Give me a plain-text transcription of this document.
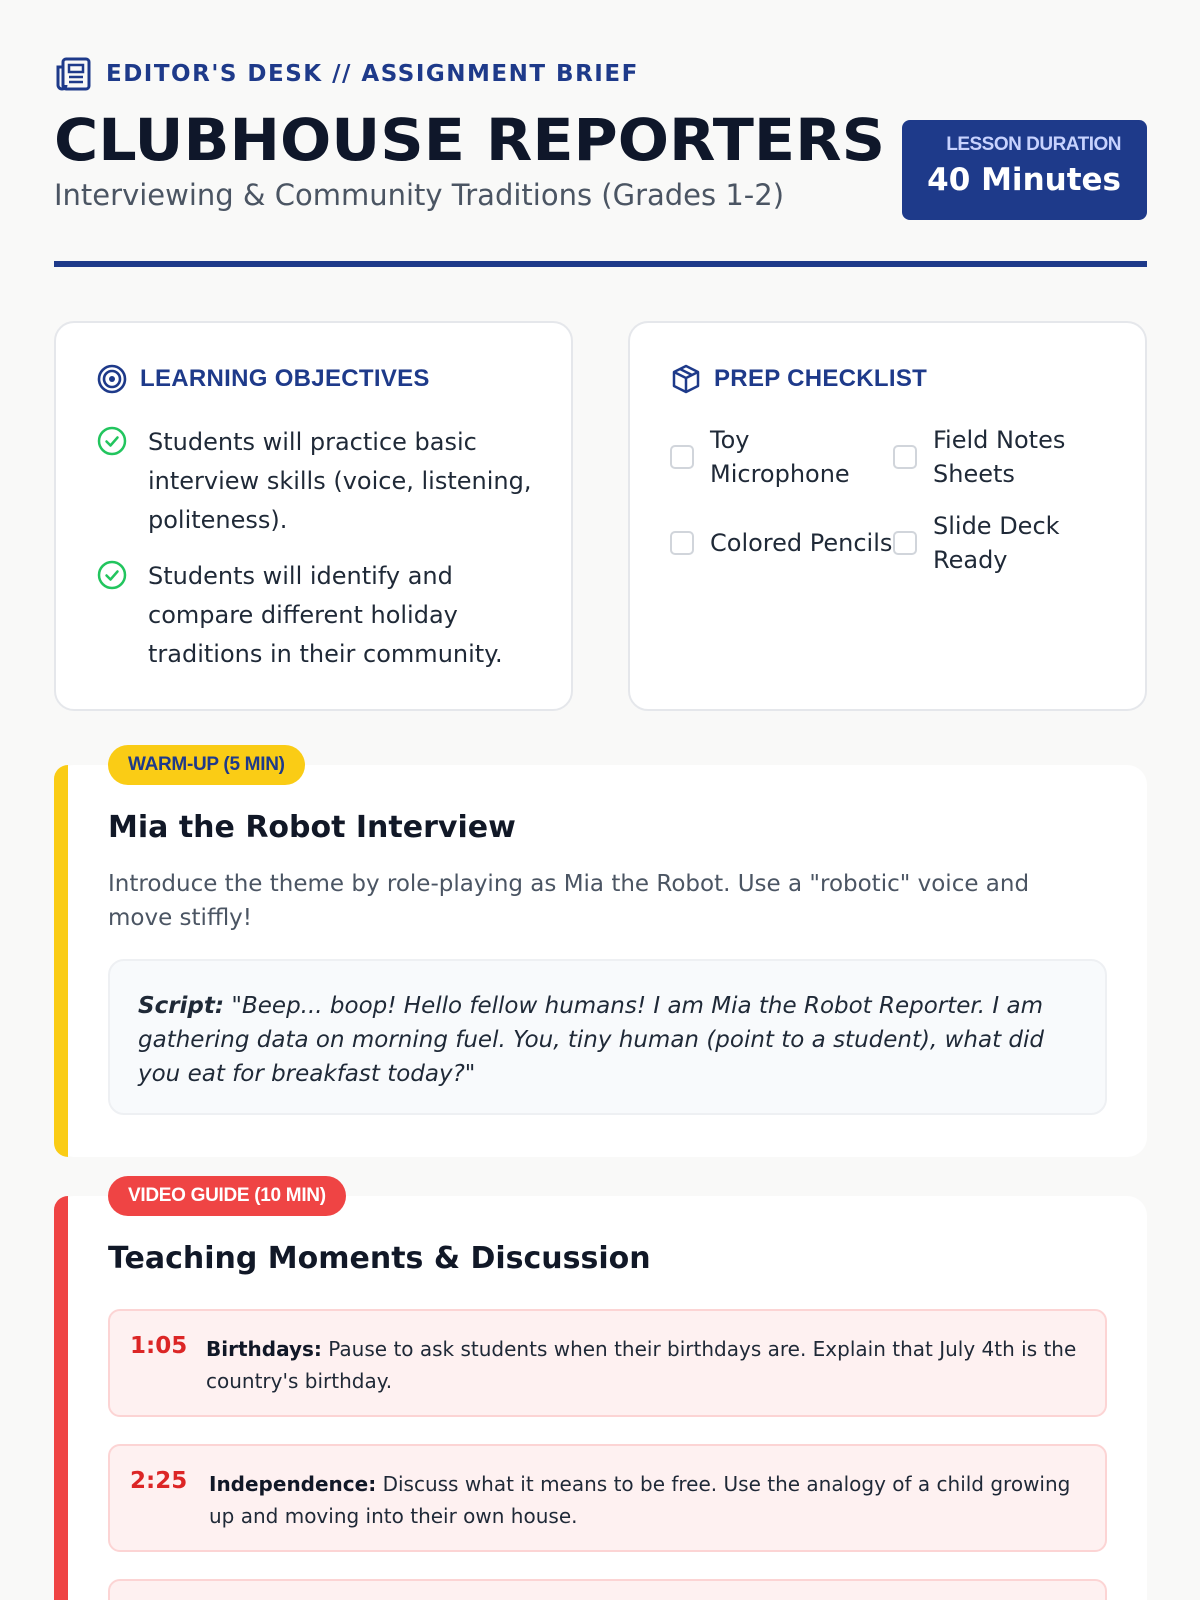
EDITOR'S DESK // ASSIGNMENT BRIEF
CLUBHOUSE REPORTERS
Interviewing & Community Traditions (Grades 1-2)
LESSON DURATION
40 Minutes
LEARNING OBJECTIVES
Students will practice basic interview skills (voice, listening, politeness).
Students will identify and compare different holiday traditions in their community.
PREP CHECKLIST
Toy Microphone
Field Notes Sheets
Colored Pencils
Slide Deck Ready
WARM-UP (5 MIN)
Mia the Robot Interview

Introduce the theme by role-playing as Mia the Robot. Use a "robotic" voice and move stiffly!

Script: "Beep... boop! Hello fellow humans! I am Mia the Robot Reporter. I am gathering data on morning fuel. You, tiny human (point to a student), what did you eat for breakfast today?"
VIDEO GUIDE (10 MIN)
Teaching Moments & Discussion
1:05 Birthdays: Pause to ask students when their birthdays are. Explain that July 4th is the country's birthday.
2:25 Independence: Discuss what it means to be free. Use the analogy of a child growing up and moving into their own house.
